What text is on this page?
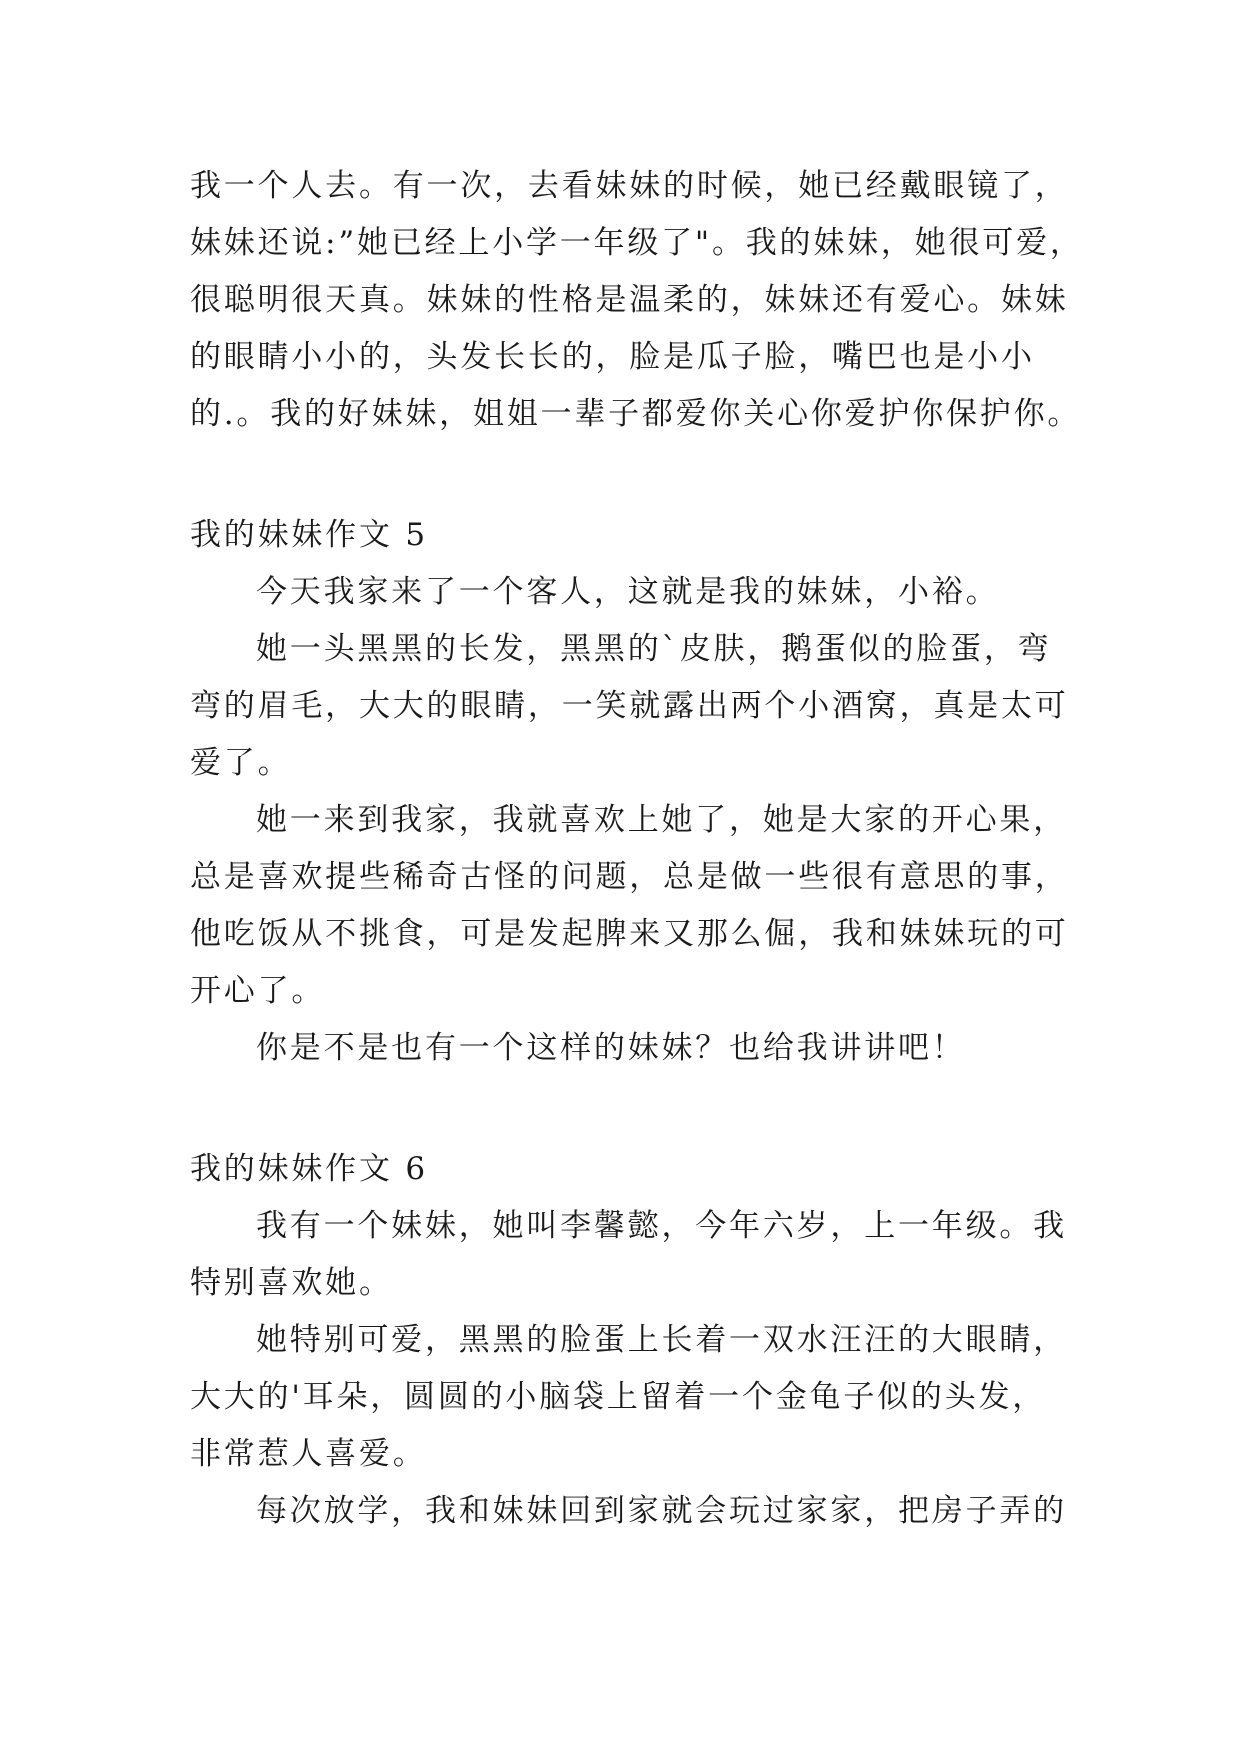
我一个人去。有一次，去看妹妹的时候，她已经戴眼镜了，

妹妹还说:”她已经上小学一年级了"。我的妹妹，她很可爱，

很聪明很天真。妹妹的性格是温柔的，妹妹还有爱心。妹妹

的眼睛小小的，头发长长的，脸是瓜子脸，嘴巴也是小小

的.。我的好妹妹，姐姐一辈子都爱你关心你爱护你保护你。

我的妹妹作文 5

今天我家来了一个客人，这就是我的妹妹，小裕。

她一头黑黑的长发，黑黑的`皮肤，鹅蛋似的脸蛋，弯

弯的眉毛，大大的眼睛，一笑就露出两个小酒窝，真是太可

爱了。

她一来到我家，我就喜欢上她了，她是大家的开心果，

总是喜欢提些稀奇古怪的问题，总是做一些很有意思的事，

他吃饭从不挑食，可是发起脾来又那么倔，我和妹妹玩的可

开心了。

你是不是也有一个这样的妹妹？也给我讲讲吧！

我的妹妹作文 6

我有一个妹妹，她叫李馨懿，今年六岁，上一年级。我

特别喜欢她。

她特别可爱，黑黑的脸蛋上长着一双水汪汪的大眼睛，

大大的'耳朵，圆圆的小脑袋上留着一个金龟子似的头发，

非常惹人喜爱。

每次放学，我和妹妹回到家就会玩过家家，把房子弄的
